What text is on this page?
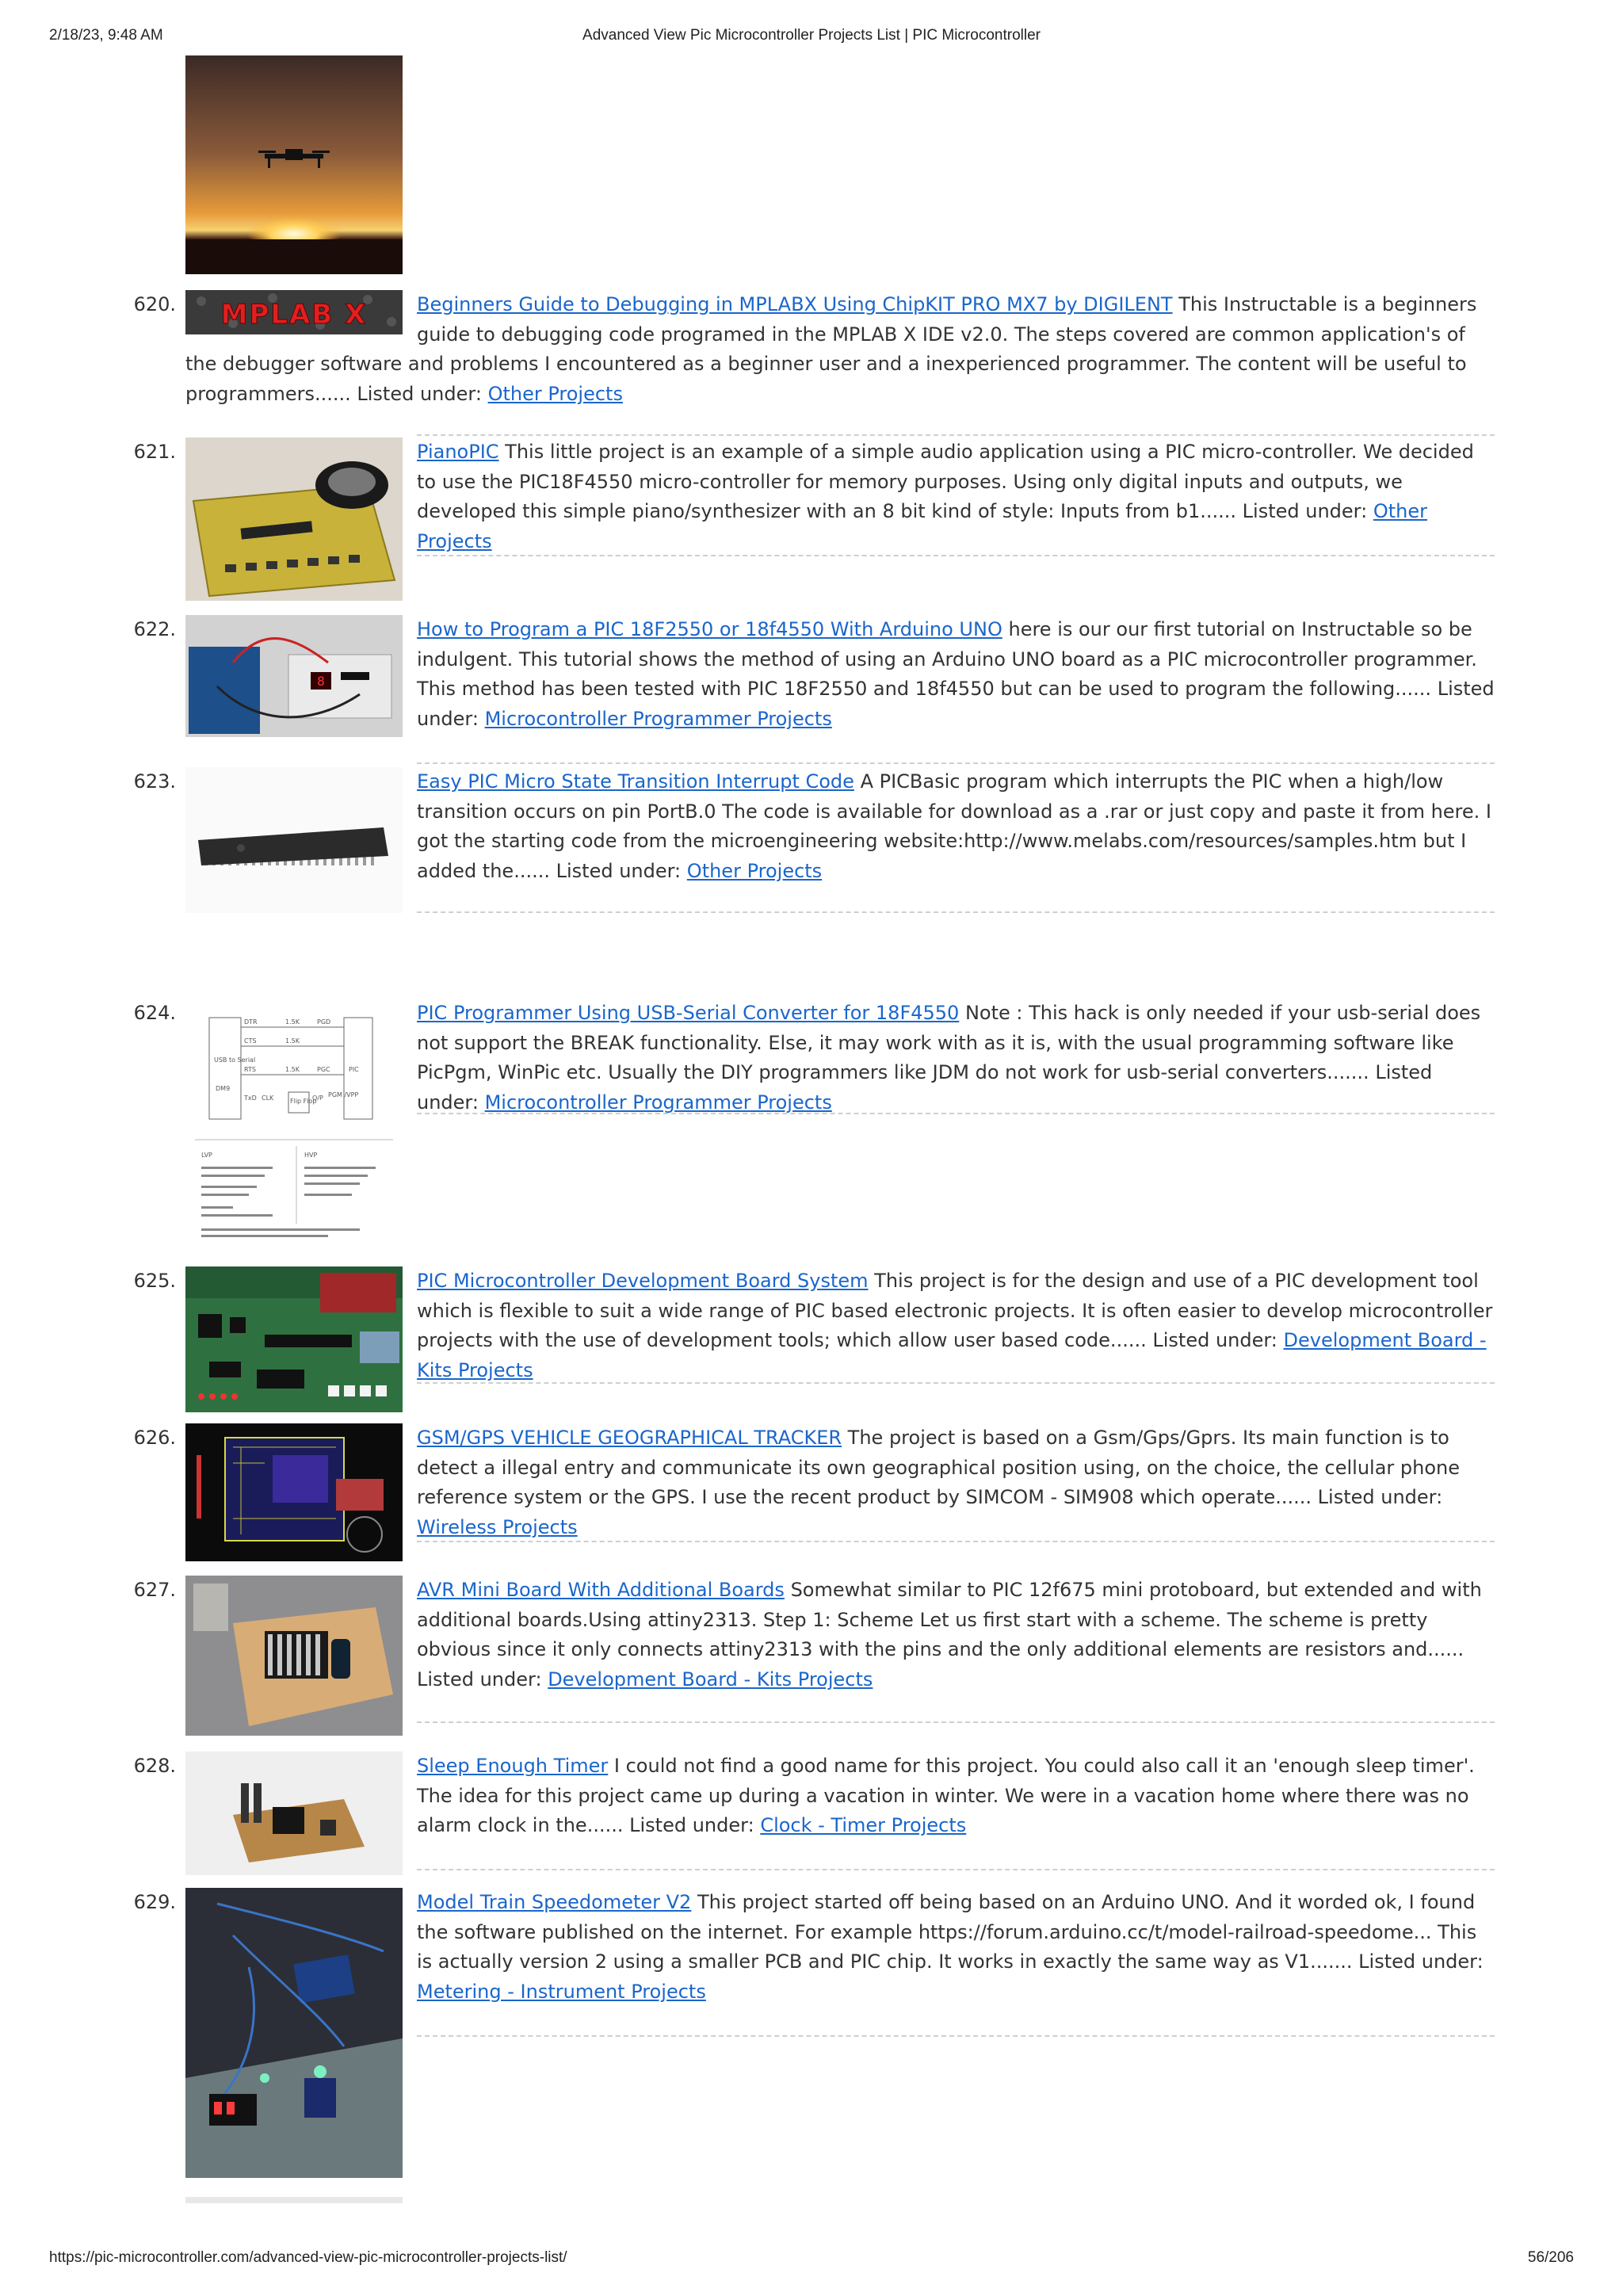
2/18/23, 9:48 AM	Advanced View Pic Microcontroller Projects List | PIC Microcontroller
MPLAB X
620.	Beginners Guide to Debugging in MPLABX Using ChipKIT PRO MX7 by DIGILENT This Instructable is a beginners guide to debugging code programed in the MPLAB X IDE v2.0. The steps covered are common application's of the debugger software and problems I encountered as a beginner user and a inexperienced programmer. The content will be useful to programmers...... Listed under: Other Projects
621.	PianoPIC This little project is an example of a simple audio application using a PIC micro-controller. We decided to use the PIC18F4550 micro-controller for memory purposes. Using only digital inputs and outputs, we developed this simple piano/synthesizer with an 8 bit kind of style: Inputs from b1...... Listed under: Other Projects
8
622.	How to Program a PIC 18F2550 or 18f4550 With Arduino UNO here is our our first tutorial on Instructable so be indulgent. This tutorial shows the method of using an Arduino UNO board as a PIC microcontroller programmer. This method has been tested with PIC 18F2550 and 18f4550 but can be used to program the following...... Listed under: Microcontroller Programmer Projects
623.	Easy PIC Micro State Transition Interrupt Code A PICBasic program which interrupts the PIC when a high/low transition occurs on pin PortB.0 The code is available for download as a .rar or just copy and paste it from here. I got the starting code from the microengineering website:http://www.melabs.com/resources/samples.htm but I added the...... Listed under: Other Projects
DTR
CTS
RTS
TxD CLK
PGD
PGC	PIC
USB to Serial
DM9
Flip Flop
Q/P PGM /VPP
1.5K
1.5K
1.5K
LVP	HVP
624.	PIC Programmer Using USB-Serial Converter for 18F4550 Note : This hack is only needed if your usb-serial does not support the BREAK functionality. Else, it may work with as it is, with the usual programming software like PicPgm, WinPic etc. Usually the DIY programmers like JDM do not work for usb-serial converters....... Listed under: Microcontroller Programmer Projects
625.	PIC Microcontroller Development Board System This project is for the design and use of a PIC development tool which is flexible to suit a wide range of PIC based electronic projects. It is often easier to develop microcontroller projects with the use of development tools; which allow user based code...... Listed under: Development Board - Kits Projects
626.	GSM/GPS VEHICLE GEOGRAPHICAL TRACKER The project is based on a Gsm/Gps/Gprs. Its main function is to detect a illegal entry and communicate its own geographical position using, on the choice, the cellular phone reference system or the GPS. I use the recent product by SIMCOM - SIM908 which operate...... Listed under: Wireless Projects
627.	AVR Mini Board With Additional Boards Somewhat similar to PIC 12f675 mini protoboard, but extended and with additional boards.Using attiny2313. Step 1: Scheme Let us first start with a scheme. The scheme is pretty obvious since it only connects attiny2313 with the pins and the only additional elements are resistors and...... Listed under: Development Board - Kits Projects
628.	Sleep Enough Timer I could not find a good name for this project. You could also call it an 'enough sleep timer'. The idea for this project came up during a vacation in winter. We were in a vacation home where there was no alarm clock in the...... Listed under: Clock - Timer Projects
629.	Model Train Speedometer V2 This project started off being based on an Arduino UNO. And it worded ok, I found the software published on the internet. For example https://forum.arduino.cc/t/model-railroad-speedome... This is actually version 2 using a smaller PCB and PIC chip. It works in exactly the same way as V1....... Listed under: Metering - Instrument Projects
https://pic-microcontroller.com/advanced-view-pic-microcontroller-projects-list/	56/206
